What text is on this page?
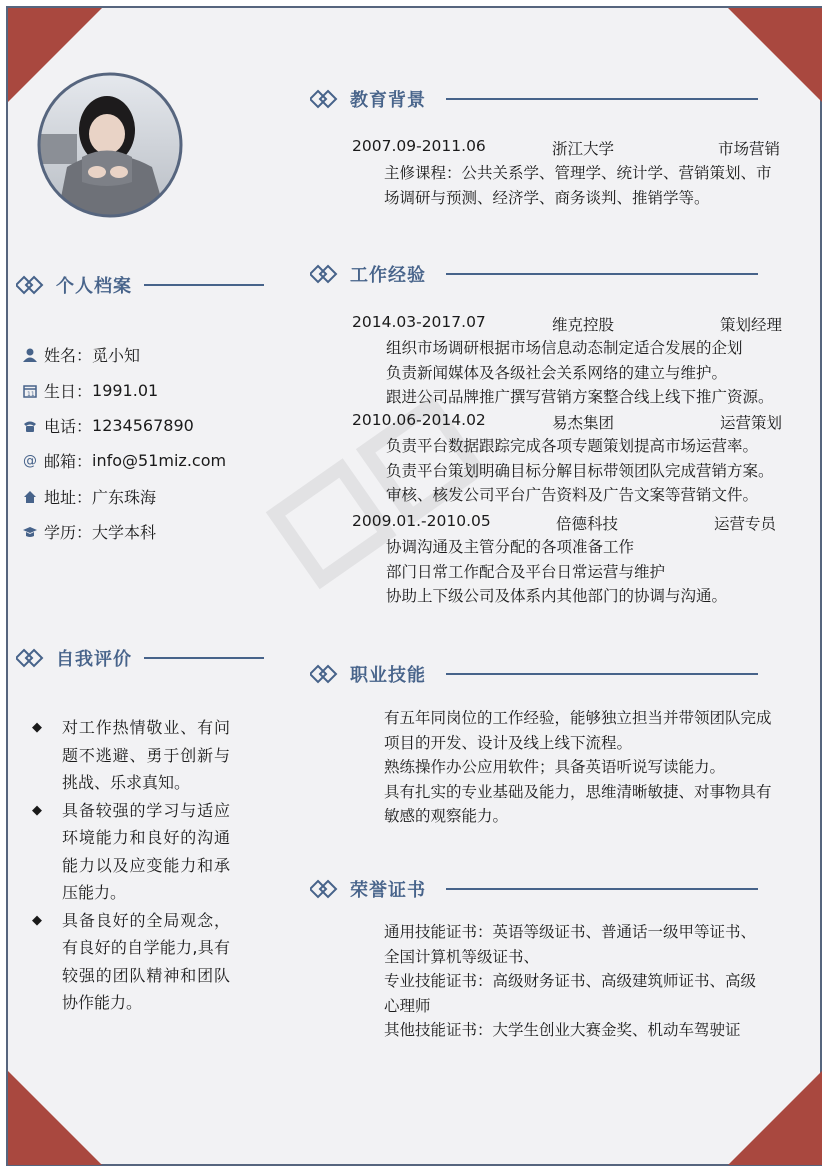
个人档案
姓名： 觅小知
11 生日： 1991.01
电话： 1234567890
@ 邮箱： info@51miz.com
地址： 广东珠海
学历： 大学本科
自我评价
◆ 对工作热情敬业、有问题不逃避、勇于创新与挑战、乐求真知。
◆ 具备较强的学习与适应环境能力和良好的沟通能力以及应变能力和承压能力。
◆ 具备良好的全局观念，有良好的自学能力,具有较强的团队精神和团队协作能力。
教育背景
2007.09-2011.06	浙江大学	市场营销
主修课程：公共关系学、管理学、统计学、营销策划、市
场调研与预测、经济学、商务谈判、推销学等。
工作经验
2014.03-2017.07	维克控股	策划经理
组织市场调研根据市场信息动态制定适合发展的企划
负责新闻媒体及各级社会关系网络的建立与维护。
跟进公司品牌推广撰写营销方案整合线上线下推广资源。
2010.06-2014.02	易杰集团	运营策划
负责平台数据跟踪完成各项专题策划提高市场运营率。
负责平台策划明确目标分解目标带领团队完成营销方案。
审核、核发公司平台广告资料及广告文案等营销文件。
2009.01.-2010.05	倍德科技	运营专员
协调沟通及主管分配的各项准备工作
部门日常工作配合及平台日常运营与维护
协助上下级公司及体系内其他部门的协调与沟通。
职业技能
有五年同岗位的工作经验，能够独立担当并带领团队完成
项目的开发、设计及线上线下流程。
熟练操作办公应用软件；具备英语听说写读能力。
具有扎实的专业基础及能力，思维清晰敏捷、对事物具有
敏感的观察能力。
荣誉证书
通用技能证书：英语等级证书、普通话一级甲等证书、
全国计算机等级证书、
专业技能证书：高级财务证书、高级建筑师证书、高级
心理师
其他技能证书：大学生创业大赛金奖、机动车驾驶证
